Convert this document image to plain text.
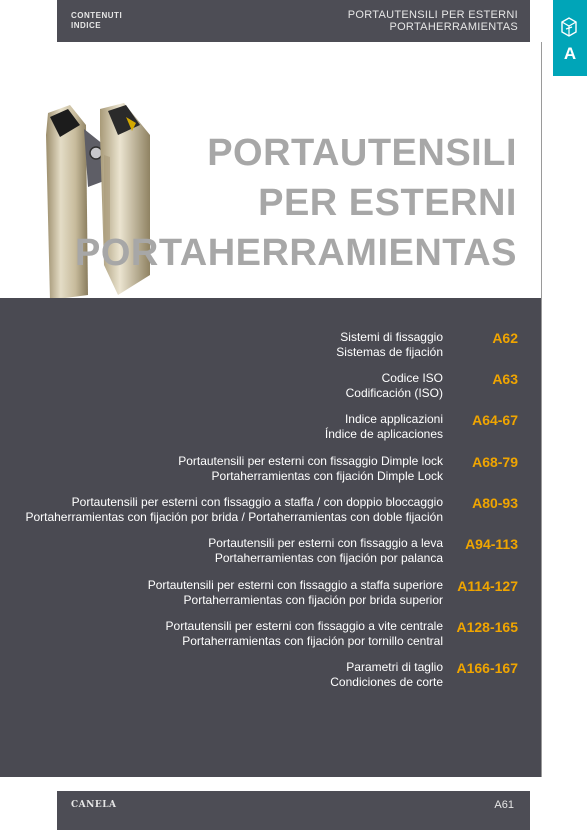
CONTENUTI
INDICE
PORTAUTENSILI PER ESTERNI
PORTAHERRAMIENTAS
A
PORTAUTENSILI
PER ESTERNI
PORTAHERRAMIENTAS
Sistemi di fissaggio
Sistemas de fijación
A62
Codice ISO
Codificación (ISO)
A63
Indice applicazioni
Índice de aplicaciones
A64-67
Portautensili per esterni con fissaggio Dimple lock
Portaherramientas con fijación Dimple Lock
A68-79
Portautensili per esterni con fissaggio a staffa / con doppio bloccaggio
Portaherramientas con fijación por brida / Portaherramientas con doble fijación
A80-93
Portautensili per esterni con fissaggio a leva
Portaherramientas con fijación por palanca
A94-113
Portautensili per esterni con fissaggio a staffa superiore
Portaherramientas con fijación por brida superior
A114-127
Portautensili per esterni con fissaggio a vite centrale
Portaherramientas con fijación por tornillo central
A128-165
Parametri di taglio
Condiciones de corte
A166-167
CANELA	A61
